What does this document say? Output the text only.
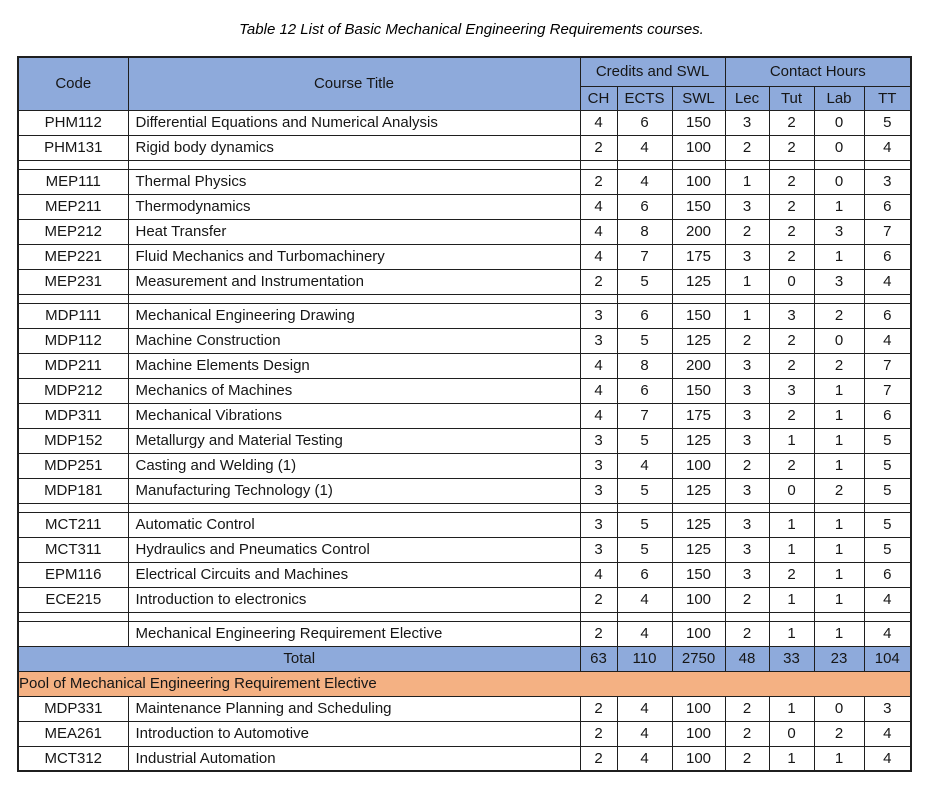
Table 12 List of Basic Mechanical Engineering Requirements courses.
Code	Course Title	Credits and SWL			Contact Hours			
		CH	ECTS	SWL	Lec	Tut	Lab	TT
PHM112	Differential Equations and Numerical Analysis	4	6	150	3	2	0	5
PHM131	Rigid body dynamics	2	4	100	2	2	0	4

MEP111	Thermal Physics	2	4	100	1	2	0	3
MEP211	Thermodynamics	4	6	150	3	2	1	6
MEP212	Heat Transfer	4	8	200	2	2	3	7
MEP221	Fluid Mechanics and Turbomachinery	4	7	175	3	2	1	6
MEP231	Measurement and Instrumentation	2	5	125	1	0	3	4

MDP111	Mechanical Engineering Drawing	3	6	150	1	3	2	6
MDP112	Machine Construction	3	5	125	2	2	0	4
MDP211	Machine Elements Design	4	8	200	3	2	2	7
MDP212	Mechanics of Machines	4	6	150	3	3	1	7
MDP311	Mechanical Vibrations	4	7	175	3	2	1	6
MDP152	Metallurgy and Material Testing	3	5	125	3	1	1	5
MDP251	Casting and Welding (1)	3	4	100	2	2	1	5
MDP181	Manufacturing Technology (1)	3	5	125	3	0	2	5

MCT211	Automatic Control	3	5	125	3	1	1	5
MCT311	Hydraulics and Pneumatics Control	3	5	125	3	1	1	5
EPM116	Electrical Circuits and Machines	4	6	150	3	2	1	6
ECE215	Introduction to electronics	2	4	100	2	1	1	4

	Mechanical Engineering Requirement Elective	2	4	100	2	1	1	4
Total		63	110	2750	48	33	23	104
Pool of Mechanical Engineering Requirement Elective								
MDP331	Maintenance Planning and Scheduling	2	4	100	2	1	0	3
MEA261	Introduction to Automotive	2	4	100	2	0	2	4
MCT312	Industrial Automation	2	4	100	2	1	1	4
